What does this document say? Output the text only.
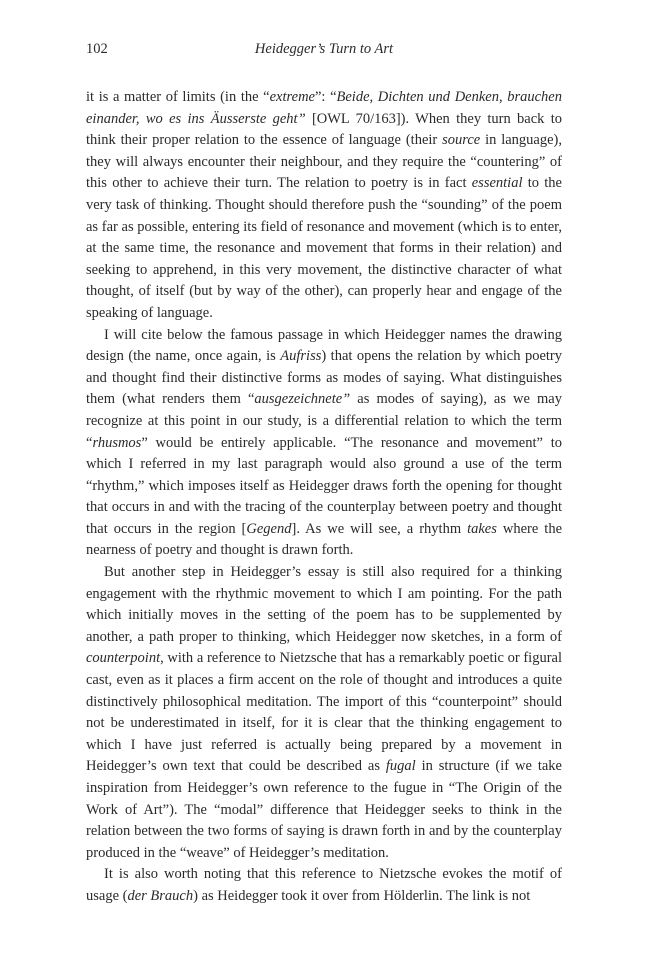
102	Heidegger’s Turn to Art

it is a matter of limits (in the “extreme”: “Beide, Dichten und Denken, brauchen einander, wo es ins Äusserste geht” [OWL 70/163]). When they turn back to think their proper relation to the essence of language (their source in language), they will always encounter their neighbour, and they require the “countering” of this other to achieve their turn. The relation to poetry is in fact essential to the very task of thinking. Thought should therefore push the “sounding” of the poem as far as possible, entering its field of resonance and movement (which is to enter, at the same time, the resonance and movement that forms in their relation) and seeking to apprehend, in this very movement, the distinctive character of what thought, of itself (but by way of the other), can properly hear and engage of the speaking of language.

I will cite below the famous passage in which Heidegger names the drawing design (the name, once again, is Aufriss) that opens the relation by which poetry and thought find their distinctive forms as modes of saying. What distinguishes them (what renders them “ausgezeichnete” as modes of saying), as we may recognize at this point in our study, is a differential relation to which the term “rhusmos” would be entirely applicable. “The resonance and movement” to which I referred in my last paragraph would also ground a use of the term “rhythm,” which imposes itself as Heidegger draws forth the opening for thought that occurs in and with the tracing of the counterplay between poetry and thought that occurs in the region [Gegend]. As we will see, a rhythm takes where the nearness of poetry and thought is drawn forth.

But another step in Heidegger’s essay is still also required for a thinking engagement with the rhythmic movement to which I am pointing. For the path which initially moves in the setting of the poem has to be supplemented by another, a path proper to thinking, which Heidegger now sketches, in a form of counterpoint, with a reference to Nietzsche that has a remarkably poetic or figural cast, even as it places a firm accent on the role of thought and introduces a quite distinctively philosophical meditation. The import of this “counterpoint” should not be underestimated in itself, for it is clear that the thinking engagement to which I have just referred is actually being prepared by a movement in Heidegger’s own text that could be described as fugal in structure (if we take inspiration from Heidegger’s own reference to the fugue in “The Origin of the Work of Art”). The “modal” difference that Heidegger seeks to think in the relation between the two forms of saying is drawn forth in and by the counterplay produced in the “weave” of Heidegger’s meditation.

It is also worth noting that this reference to Nietzsche evokes the motif of usage (der Brauch) as Heidegger took it over from Hölderlin. The link is not
